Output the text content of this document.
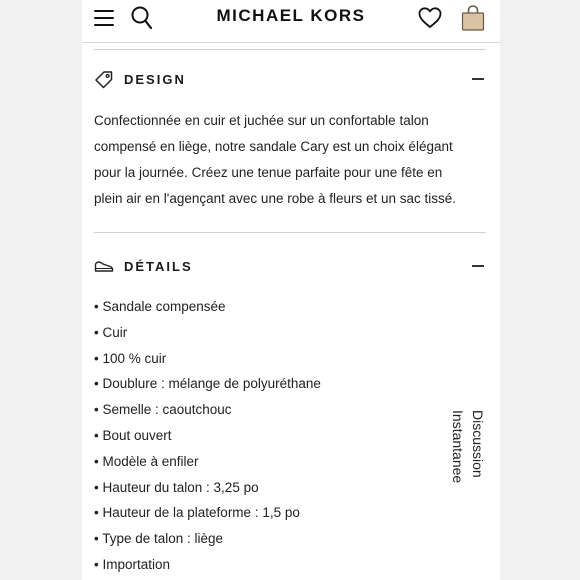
MICHAEL KORS
DESIGN
Confectionnée en cuir et juchée sur un confortable talon
compensé en liège, notre sandale Cary est un choix élégant
pour la journée. Créez une tenue parfaite pour une fête en
plein air en l'agençant avec une robe à fleurs et un sac tissé.
DÉTAILS
• Sandale compensée
• Cuir
• 100 % cuir
• Doublure : mélange de polyuréthane
• Semelle : caoutchouc
• Bout ouvert
• Modèle à enfiler
• Hauteur du talon : 3,25 po
• Hauteur de la plateforme : 1,5 po
• Type de talon : liège
• Importation
Discussion
Instantanee
